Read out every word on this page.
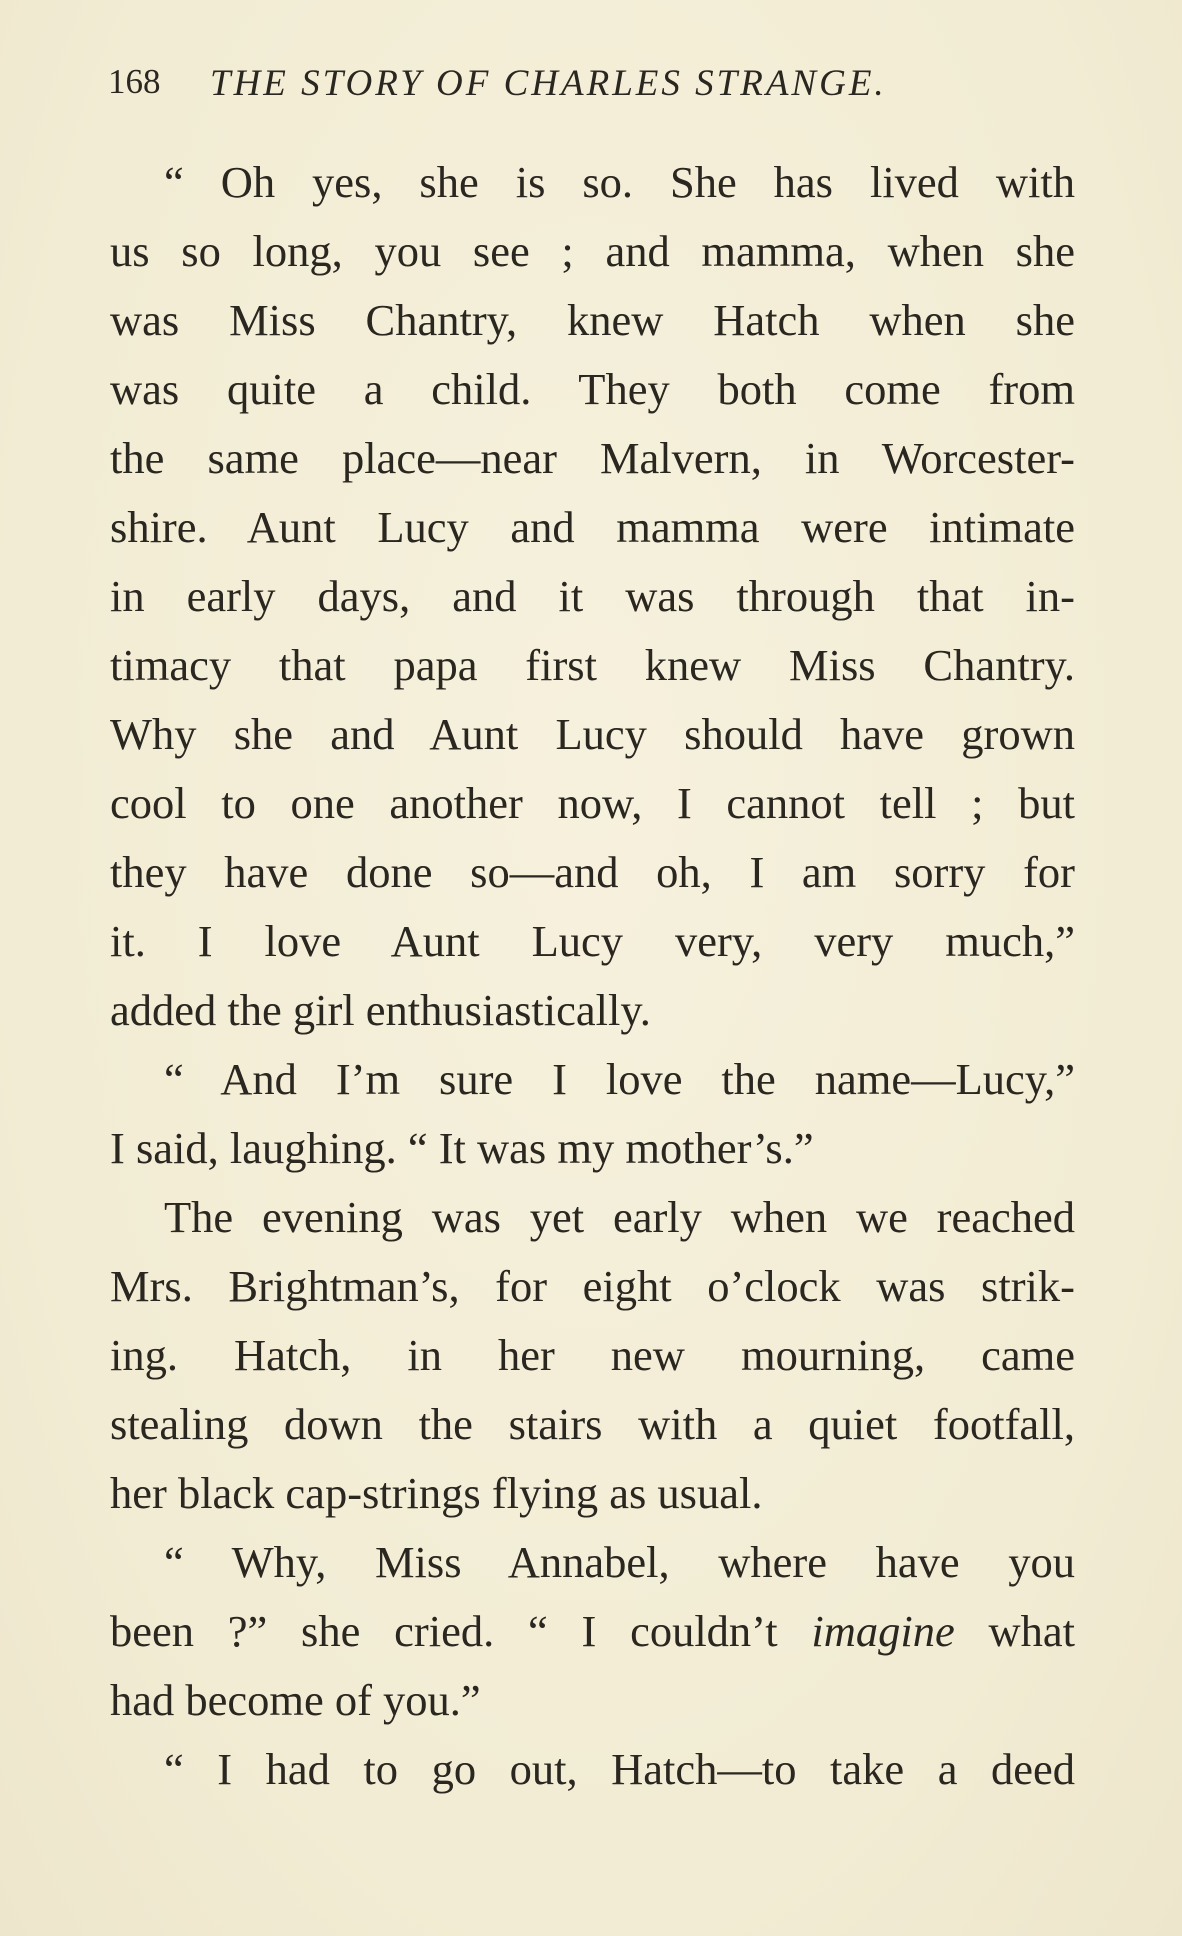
168 THE STORY OF CHARLES STRANGE.
“ Oh yes, she is so. She has lived with
us so long, you see ; and mamma, when she
was Miss Chantry, knew Hatch when she
was quite a child. They both come from
the same place—near Malvern, in Worcester-
shire. Aunt Lucy and mamma were intimate
in early days, and it was through that in-
timacy that papa first knew Miss Chantry.
Why she and Aunt Lucy should have grown
cool to one another now, I cannot tell ; but
they have done so—and oh, I am sorry for
it. I love Aunt Lucy very, very much,”
added the girl enthusiastically.
“ And I’m sure I love the name—Lucy,”
I said, laughing. “ It was my mother’s.”
The evening was yet early when we reached
Mrs. Brightman’s, for eight o’clock was strik-
ing. Hatch, in her new mourning, came
stealing down the stairs with a quiet footfall,
her black cap-strings flying as usual.
“ Why, Miss Annabel, where have you
been ?” she cried. “ I couldn’t imagine what
had become of you.”
“ I had to go out, Hatch—to take a deed
